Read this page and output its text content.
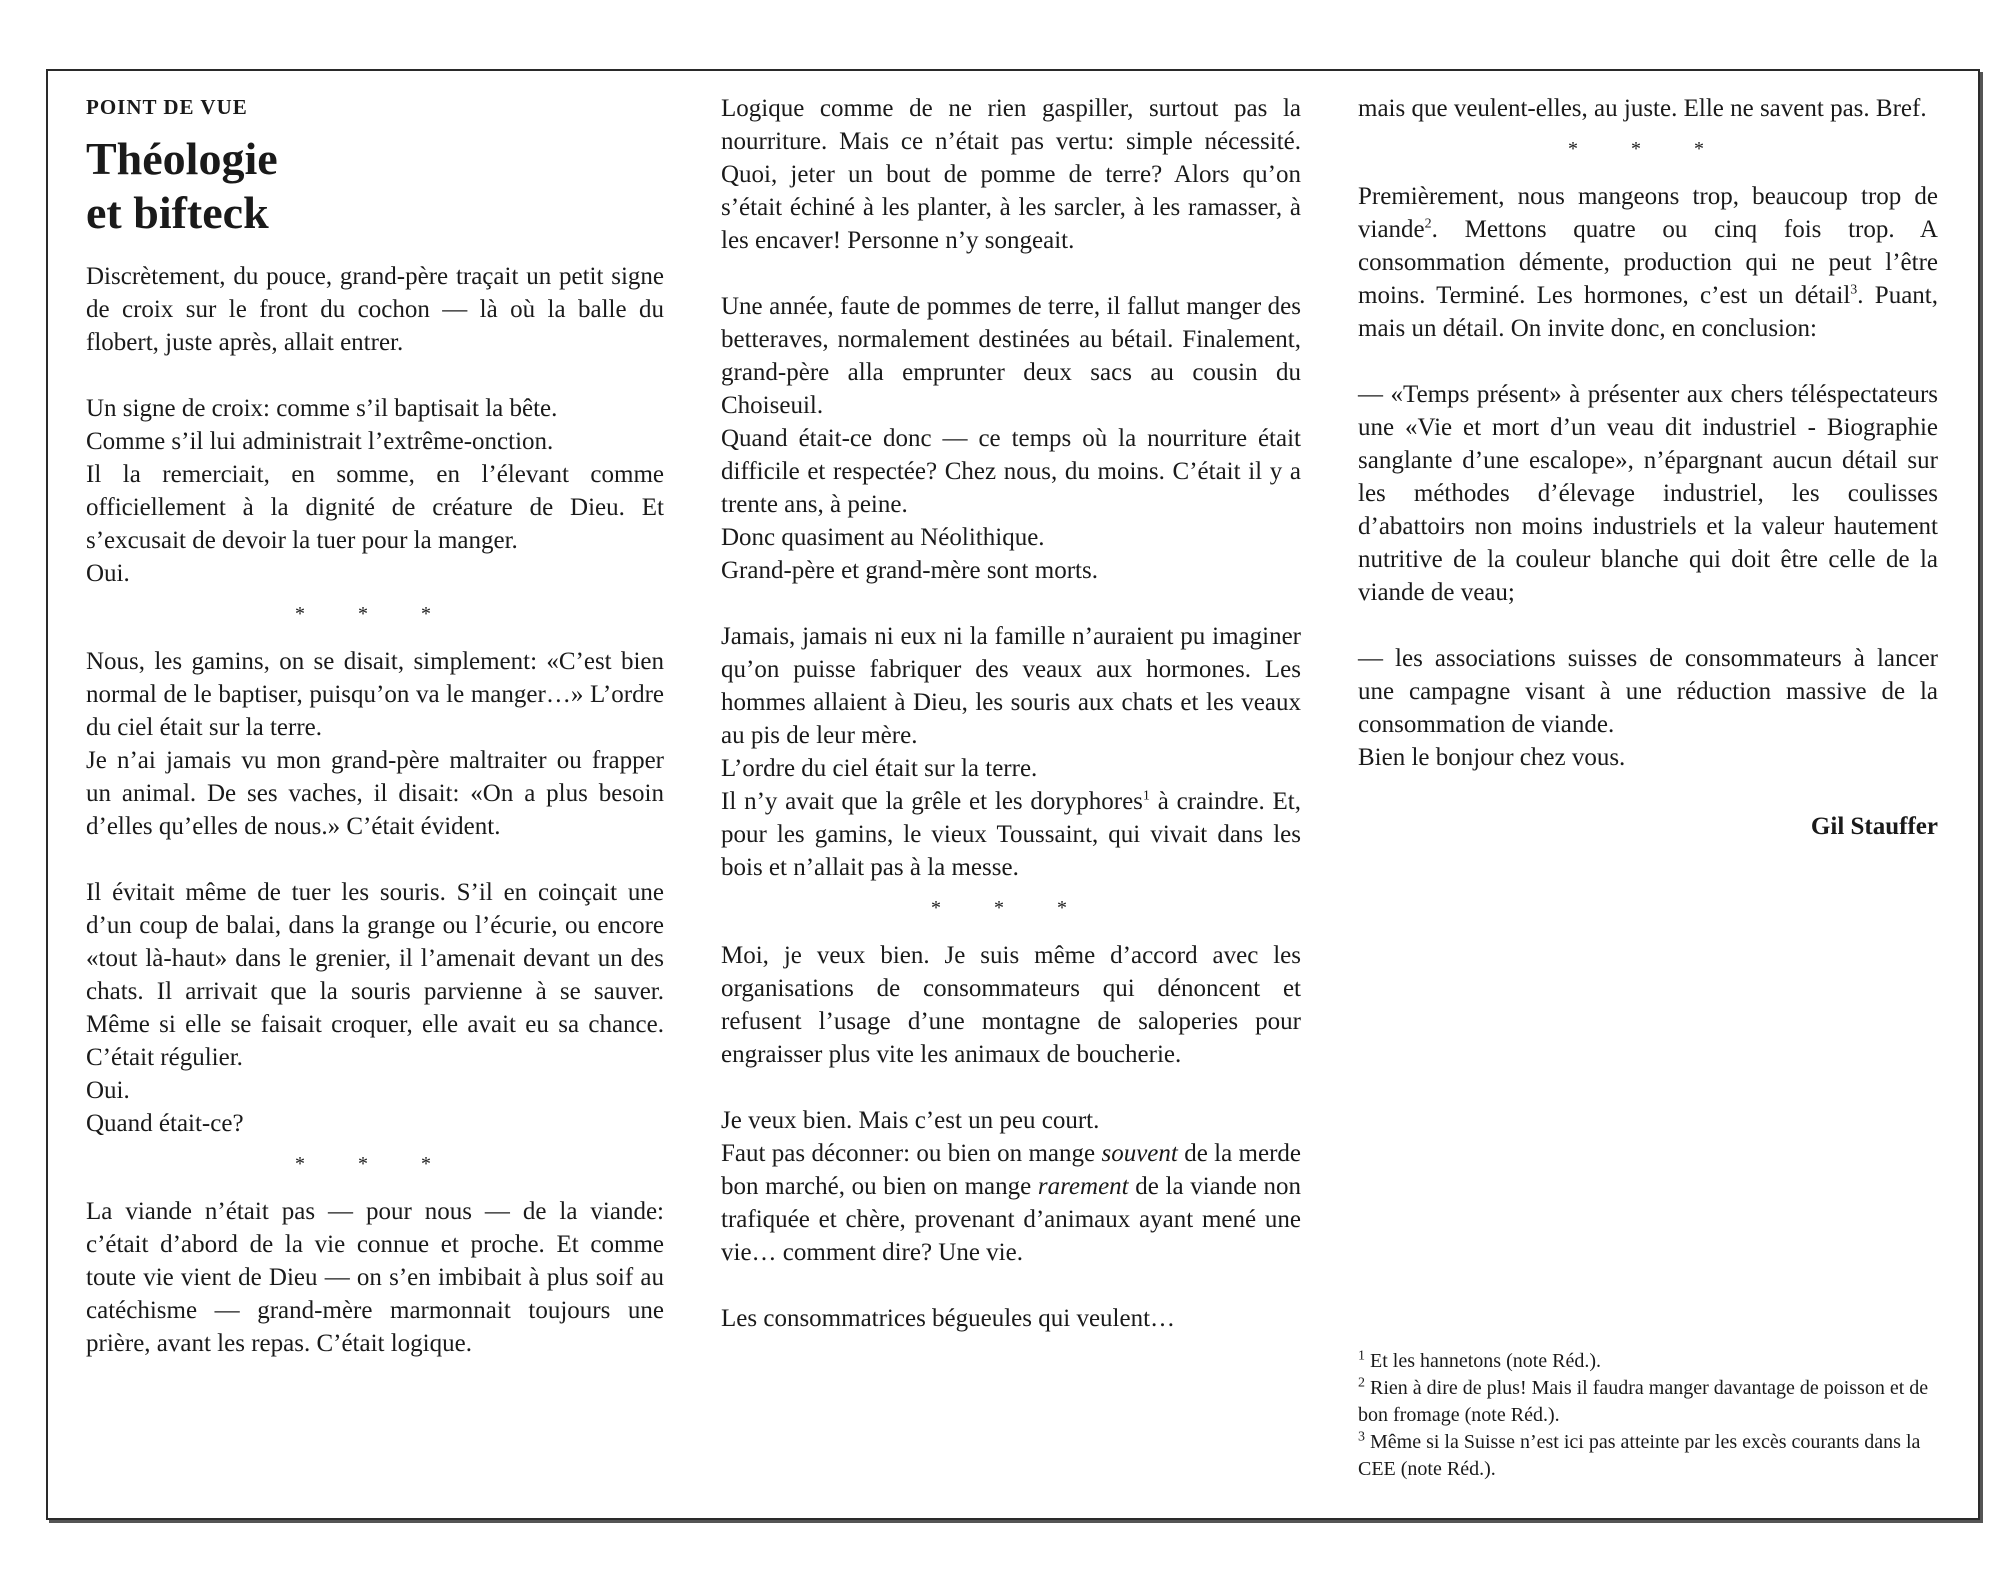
POINT DE VUE
Théologie
et bifteck

Discrètement, du pouce, grand-père traçait un petit signe de croix sur le front du cochon — là où la balle du flobert, juste après, allait entrer.

Un signe de croix: comme s’il baptisait la bête.

Comme s’il lui administrait l’extrême-onction.

Il la remerciait, en somme, en l’élevant comme officiellement à la dignité de créature de Dieu. Et s’excusait de devoir la tuer pour la manger.

Oui.

* * *

Nous, les gamins, on se disait, simplement: «C’est bien normal de le baptiser, puisqu’on va le manger…» L’ordre du ciel était sur la terre.

Je n’ai jamais vu mon grand-père maltraiter ou frapper un animal. De ses vaches, il disait: «On a plus besoin d’elles qu’elles de nous.» C’était évident.

Il évitait même de tuer les souris. S’il en coinçait une d’un coup de balai, dans la grange ou l’écurie, ou encore «tout là-haut» dans le grenier, il l’amenait devant un des chats. Il arrivait que la souris parvienne à se sauver. Même si elle se faisait croquer, elle avait eu sa chance. C’était régulier.

Oui.

Quand était-ce?

* * *

La viande n’était pas — pour nous — de la viande: c’était d’abord de la vie connue et proche. Et comme toute vie vient de Dieu — on s’en imbibait à plus soif au catéchisme — grand-mère marmonnait toujours une prière, avant les repas. C’était logique.

Logique comme de ne rien gaspiller, surtout pas la nourriture. Mais ce n’était pas vertu: simple nécessité. Quoi, jeter un bout de pomme de terre? Alors qu’on s’était échiné à les planter, à les sarcler, à les ramasser, à les encaver! Personne n’y songeait.

Une année, faute de pommes de terre, il fallut manger des betteraves, normalement destinées au bétail. Finalement, grand-père alla emprunter deux sacs au cousin du Choiseuil.

Quand était-ce donc — ce temps où la nourriture était difficile et respectée? Chez nous, du moins. C’était il y a trente ans, à peine.

Donc quasiment au Néolithique.

Grand-père et grand-mère sont morts.

Jamais, jamais ni eux ni la famille n’auraient pu imaginer qu’on puisse fabriquer des veaux aux hormones. Les hommes allaient à Dieu, les souris aux chats et les veaux au pis de leur mère.

L’ordre du ciel était sur la terre.

Il n’y avait que la grêle et les doryphores$^1$ à craindre. Et, pour les gamins, le vieux Toussaint, qui vivait dans les bois et n’allait pas à la messe.

* * *

Moi, je veux bien. Je suis même d’accord avec les organisations de consommateurs qui dénoncent et refusent l’usage d’une montagne de saloperies pour engraisser plus vite les animaux de boucherie.

Je veux bien. Mais c’est un peu court.

Faut pas déconner: ou bien on mange souvent de la merde bon marché, ou bien on mange rarement de la viande non trafiquée et chère, provenant d’animaux ayant mené une vie… comment dire? Une vie.

Les consommatrices bégueules qui veulent…

mais que veulent-elles, au juste. Elle ne savent pas. Bref.

* * *

Premièrement, nous mangeons trop, beaucoup trop de viande$^2$. Mettons quatre ou cinq fois trop. A consommation démente, production qui ne peut l’être moins. Terminé. Les hormones, c’est un détail$^3$. Puant, mais un détail. On invite donc, en conclusion:

— «Temps présent» à présenter aux chers téléspectateurs une «Vie et mort d’un veau dit industriel - Biographie sanglante d’une escalope», n’épargnant aucun détail sur les méthodes d’élevage industriel, les coulisses d’abattoirs non moins industriels et la valeur hautement nutritive de la couleur blanche qui doit être celle de la viande de veau;

— les associations suisses de consommateurs à lancer une campagne visant à une réduction massive de la consommation de viande.

Bien le bonjour chez vous.

Gil Stauffer

$^1$ Et les hannetons (note Réd.).

$^2$ Rien à dire de plus! Mais il faudra manger davantage de poisson et de bon fromage (note Réd.).

$^3$ Même si la Suisse n’est ici pas atteinte par les excès courants dans la CEE (note Réd.).
